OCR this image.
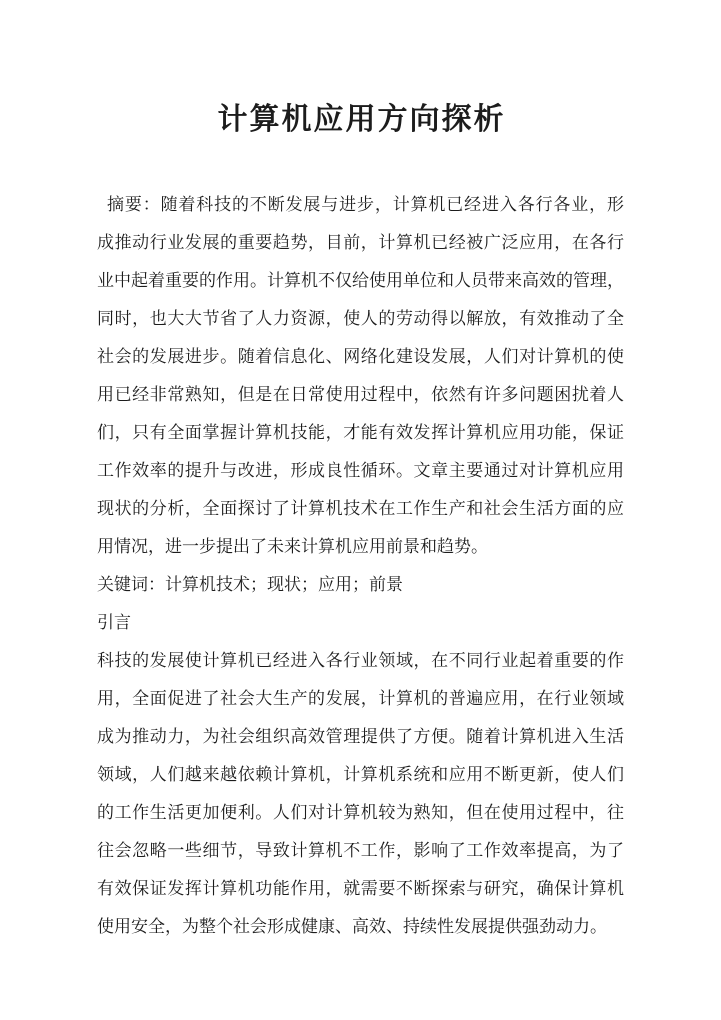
计算机应用方向探析
摘要：随着科技的不断发展与进步，计算机已经进入各行各业，形
成推动行业发展的重要趋势，目前，计算机已经被广泛应用，在各行
业中起着重要的作用。计算机不仅给使用单位和人员带来高效的管理，
同时，也大大节省了人力资源，使人的劳动得以解放，有效推动了全
社会的发展进步。随着信息化、网络化建设发展，人们对计算机的使
用已经非常熟知，但是在日常使用过程中，依然有许多问题困扰着人
们，只有全面掌握计算机技能，才能有效发挥计算机应用功能，保证
工作效率的提升与改进，形成良性循环。文章主要通过对计算机应用
现状的分析，全面探讨了计算机技术在工作生产和社会生活方面的应
用情况，进一步提出了未来计算机应用前景和趋势。
关键词：计算机技术；现状；应用；前景
引言
科技的发展使计算机已经进入各行业领域，在不同行业起着重要的作
用，全面促进了社会大生产的发展，计算机的普遍应用，在行业领域
成为推动力，为社会组织高效管理提供了方便。随着计算机进入生活
领域，人们越来越依赖计算机，计算机系统和应用不断更新，使人们
的工作生活更加便利。人们对计算机较为熟知，但在使用过程中，往
往会忽略一些细节，导致计算机不工作，影响了工作效率提高，为了
有效保证发挥计算机功能作用，就需要不断探索与研究，确保计算机
使用安全，为整个社会形成健康、高效、持续性发展提供强劲动力。
